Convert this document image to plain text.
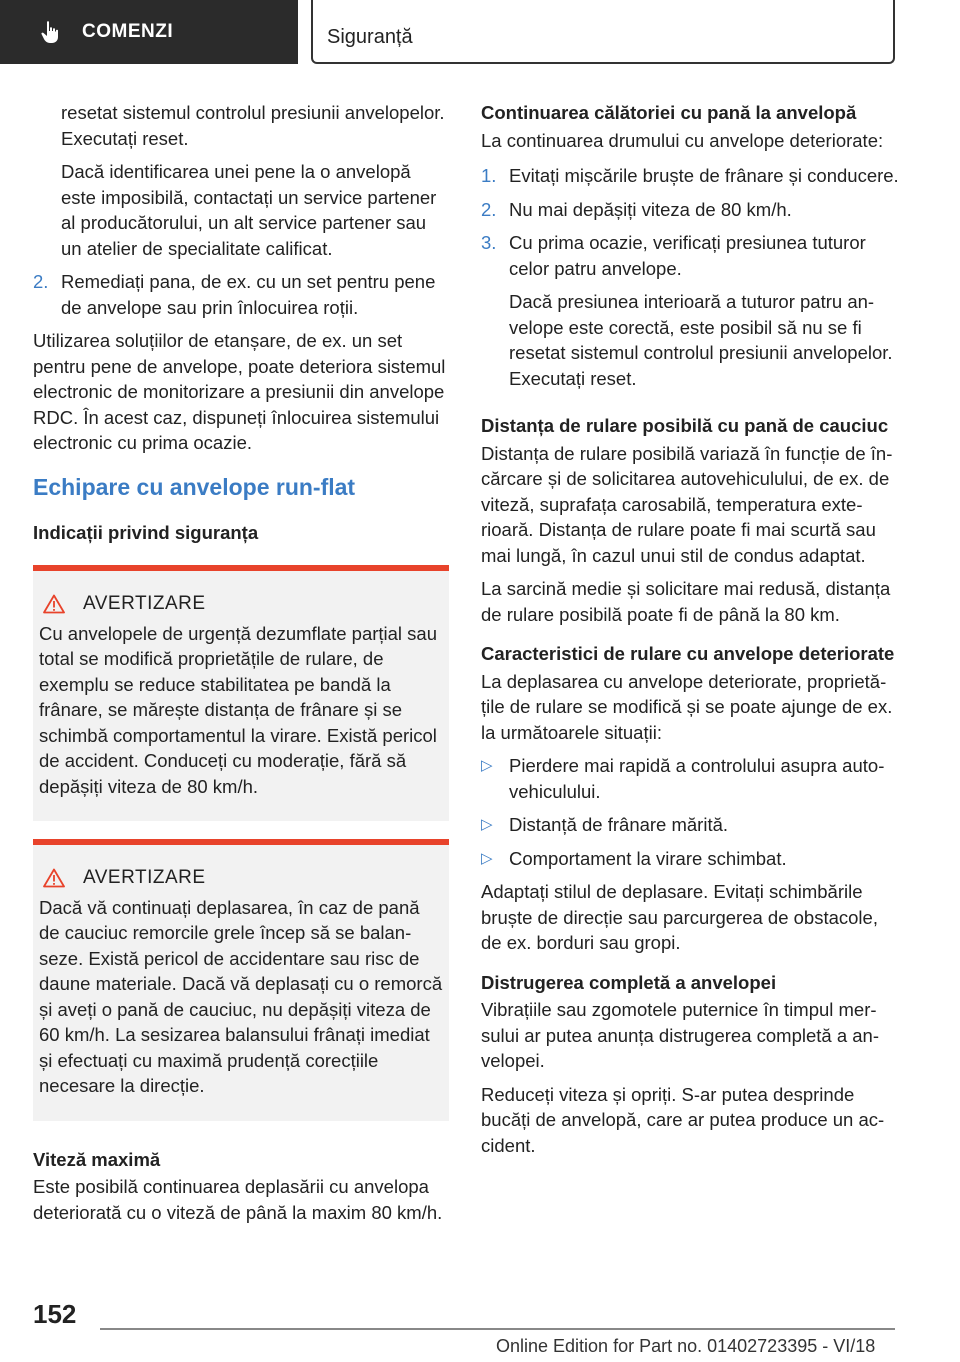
COMENZI	Siguranță

resetat sistemul controlul presiunii anvelopelor. Executați reset.

Dacă identificarea unei pene la o anvelopă este imposibilă, contactați un service partener al producătorului, un alt service partener sau un atelier de specialitate calificat.

2. Remediați pana, de ex. cu un set pentru pene de anvelope sau prin înlocuirea roții.

Utilizarea soluțiilor de etanșare, de ex. un set pentru pene de anvelope, poate deteriora sistemul electronic de monitorizare a presiunii din anvelope RDC. În acest caz, dispuneți înlocuirea sistemului electronic cu prima ocazie.

Echipare cu anvelope run-flat
Indicații privind siguranța
AVERTIZARE
Cu anvelopele de urgență dezumflate parțial sau total se modifică proprietățile de rulare, de exemplu se reduce stabilitatea pe bandă la frânare, se mărește distanța de frânare și se schimbă comportamentul la virare. Există pericol de accident. Conduceți cu moderație, fără să depășiți viteza de 80 km/h.
AVERTIZARE
Dacă vă continuați deplasarea, în caz de pană de cauciuc remorcile grele încep să se balanseze. Există pericol de accidentare sau risc de daune materiale. Dacă vă deplasați cu o remorcă și aveți o pană de cauciuc, nu depășiți viteza de 60 km/h. La sesizarea balansului frânați imediat și efectuați cu maximă prudență corecțiile necesare la direcție.
Viteză maximă

Este posibilă continuarea deplasării cu anvelopa deteriorată cu o viteză de până la maxim 80 km/h.

Continuarea călătoriei cu pană la anvelopă

La continuarea drumului cu anvelope deteriorate:

1. Evitați mișcările bruște de frânare și conducere.
2. Nu mai depășiți viteza de 80 km/h.
3. Cu prima ocazie, verificați presiunea tuturor celor patru anvelope.

Dacă presiunea interioară a tuturor patru anvelope este corectă, este posibil să nu se fi resetat sistemul controlul presiunii anvelopelor. Executați reset.

Distanța de rulare posibilă cu pană de cauciuc

Distanța de rulare posibilă variază în funcție de încărcare și de solicitarea autovehiculului, de ex. de viteză, suprafața carosabilă, temperatura exterioară. Distanța de rulare poate fi mai scurtă sau mai lungă, în cazul unui stil de condus adaptat.

La sarcină medie și solicitare mai redusă, distanța de rulare posibilă poate fi de până la 80 km.

Caracteristici de rulare cu anvelope deteriorate

La deplasarea cu anvelope deteriorate, proprietățile de rulare se modifică și se poate ajunge de ex. la următoarele situații:

▷ Pierdere mai rapidă a controlului asupra autovehiculului.
▷ Distanță de frânare mărită.
▷ Comportament la virare schimbat.

Adaptați stilul de deplasare. Evitați schimbările bruște de direcție sau parcurgerea de obstacole, de ex. borduri sau gropi.

Distrugerea completă a anvelopei

Vibrațiile sau zgomotele puternice în timpul mersului ar putea anunța distrugerea completă a anvelopei.

Reduceți viteza și opriți. S-ar putea desprinde bucăți de anvelopă, care ar putea produce un accident.

152
Online Edition for Part no. 01402723395 - VI/18
